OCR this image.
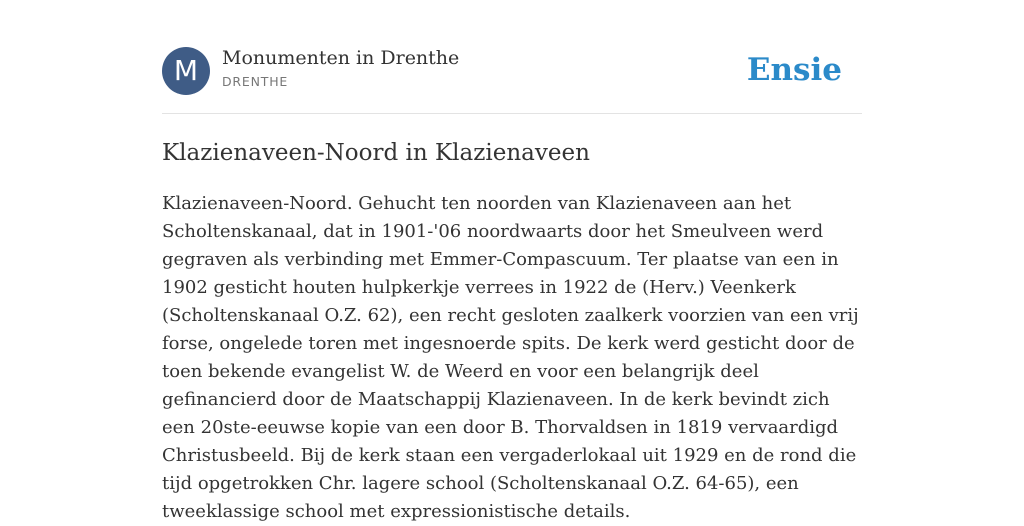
M	Monumenten in Drenthe
DRENTHE	Ensie
Klazienaveen-Noord in Klazienaveen

Klazienaveen-Noord. Gehucht ten noorden van Klazienaveen aan het Scholtenskanaal, dat in 1901-'06 noordwaarts door het Smeulveen werd gegraven als verbinding met Emmer-Compascuum. Ter plaatse van een in 1902 gesticht houten hulpkerkje verrees in 1922 de (Herv.) Veenkerk (Scholtenskanaal O.Z. 62), een recht gesloten zaalkerk voorzien van een vrij forse, ongelede toren met ingesnoerde spits. De kerk werd gesticht door de toen bekende evangelist W. de Weerd en voor een belangrijk deel gefinancierd door de Maatschappij Klazienaveen. In de kerk bevindt zich een 20ste-eeuwse kopie van een door B. Thorvaldsen in 1819 vervaardigd Christusbeeld. Bij de kerk staan een vergaderlokaal uit 1929 en de rond die tijd opgetrokken Chr. lagere school (Scholtenskanaal O.Z. 64-65), een tweeklassige school met expressionistische details.
